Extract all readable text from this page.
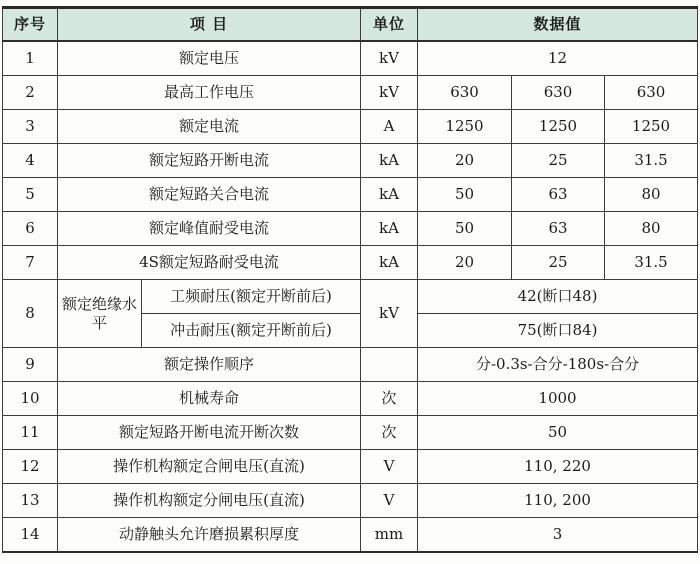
序号	项 目		单位	数据值		
1	额定电压		kV	12		
2	最高工作电压		kV	630	630	630
3	额定电流		A	1250	1250	1250
4	额定短路开断电流		kA	20	25	31.5
5	额定短路关合电流		kA	50	63	80
6	额定峰值耐受电流		kA	50	63	80
7	4S额定短路耐受电流		kA	20	25	31.5
8	额定绝缘水平	工频耐压(额定开断前后)	kV	42(断口48)		
		冲击耐压(额定开断前后)		75(断口84)		
9	额定操作顺序			分-0.3s-合分-180s-合分		
10	机械寿命		次	1000		
11	额定短路开断电流开断次数		次	50		
12	操作机构额定合闸电压(直流)		V	110, 220		
13	操作机构额定分闸电压(直流)		V	110, 200		
14	动静触头允许磨损累积厚度		mm	3		
